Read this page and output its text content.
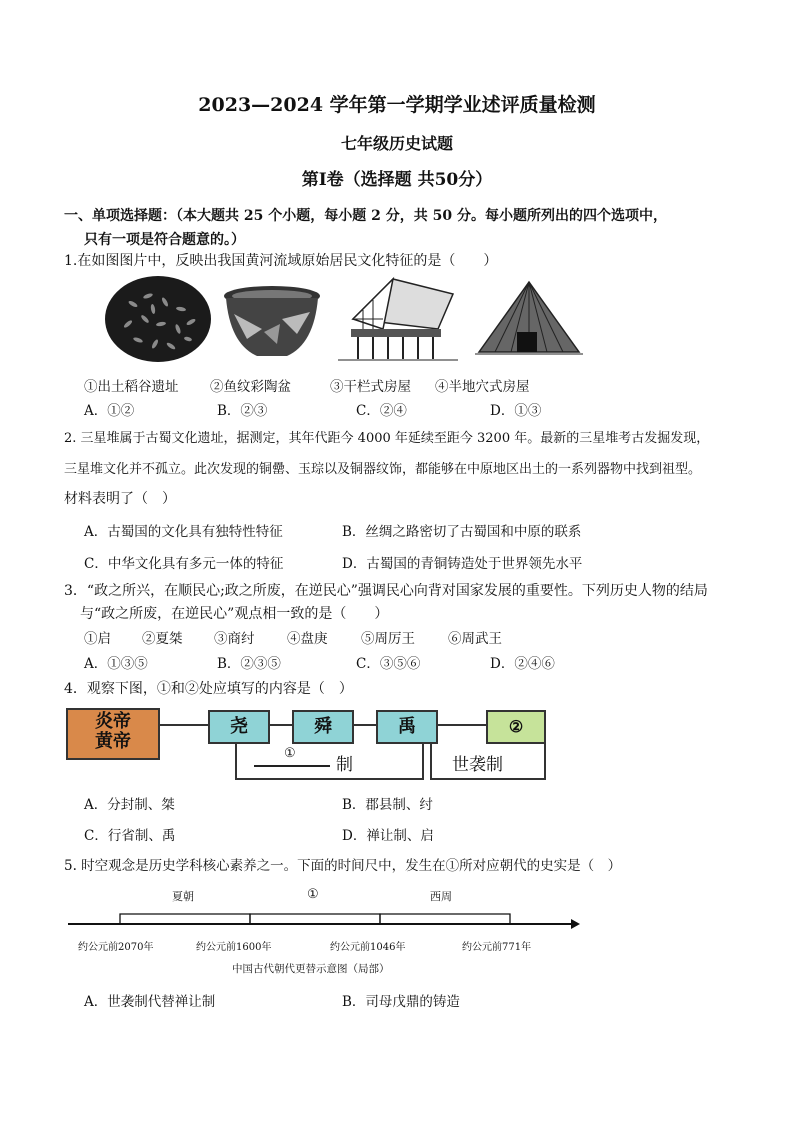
2023—2024 学年第一学期学业述评质量检测
七年级历史试题
第Ⅰ卷（选择题 共50分）
一、单项选择题：（本大题共 25 个小题，每小题 2 分，共 50 分。每小题所列出的四个选项中，
只有一项是符合题意的。）
1.在如图图片中，反映出我国黄河流域原始居民文化特征的是（　　）
①出土稻谷遗址 ②鱼纹彩陶盆	③干栏式房屋 ④半地穴式房屋
A．①②	B．②③	C．②④	D．①③
2. 三星堆属于古蜀文化遗址，据测定，其年代距今 4000 年延续至距今 3200 年。最新的三星堆考古发掘发现，
三星堆文化并不孤立。此次发现的铜罍、玉琮以及铜器纹饰，都能够在中原地区出土的一系列器物中找到祖型。
材料表明了（　）
A．古蜀国的文化具有独特性特征	B．丝绸之路密切了古蜀国和中原的联系
C．中华文化具有多元一体的特征	D．古蜀国的青铜铸造处于世界领先水平
3．“政之所兴，在顺民心;政之所废，在逆民心”强调民心向背对国家发展的重要性。下列历史人物的结局
与“政之所废，在逆民心”观点相一致的是（　　）
①启 ②夏桀 ③商纣 ④盘庚 ⑤周厉王 ⑥周武王
A．①③⑤	B．②③⑤	C．③⑤⑥	D．②④⑥
4．观察下图，①和②处应填写的内容是（　）
炎帝
黄帝
尧	舜	禹	②
①
制	世袭制
A．分封制、桀	B．郡县制、纣
C．行省制、禹	D．禅让制、启
5. 时空观念是历史学科核心素养之一。下面的时间尺中，发生在①所对应朝代的史实是（　）
夏朝	①	西周
约公元前2070年	约公元前1600年	约公元前1046年	约公元前771年
中国古代朝代更替示意图（局部）
A．世袭制代替禅让制	B．司母戊鼎的铸造
